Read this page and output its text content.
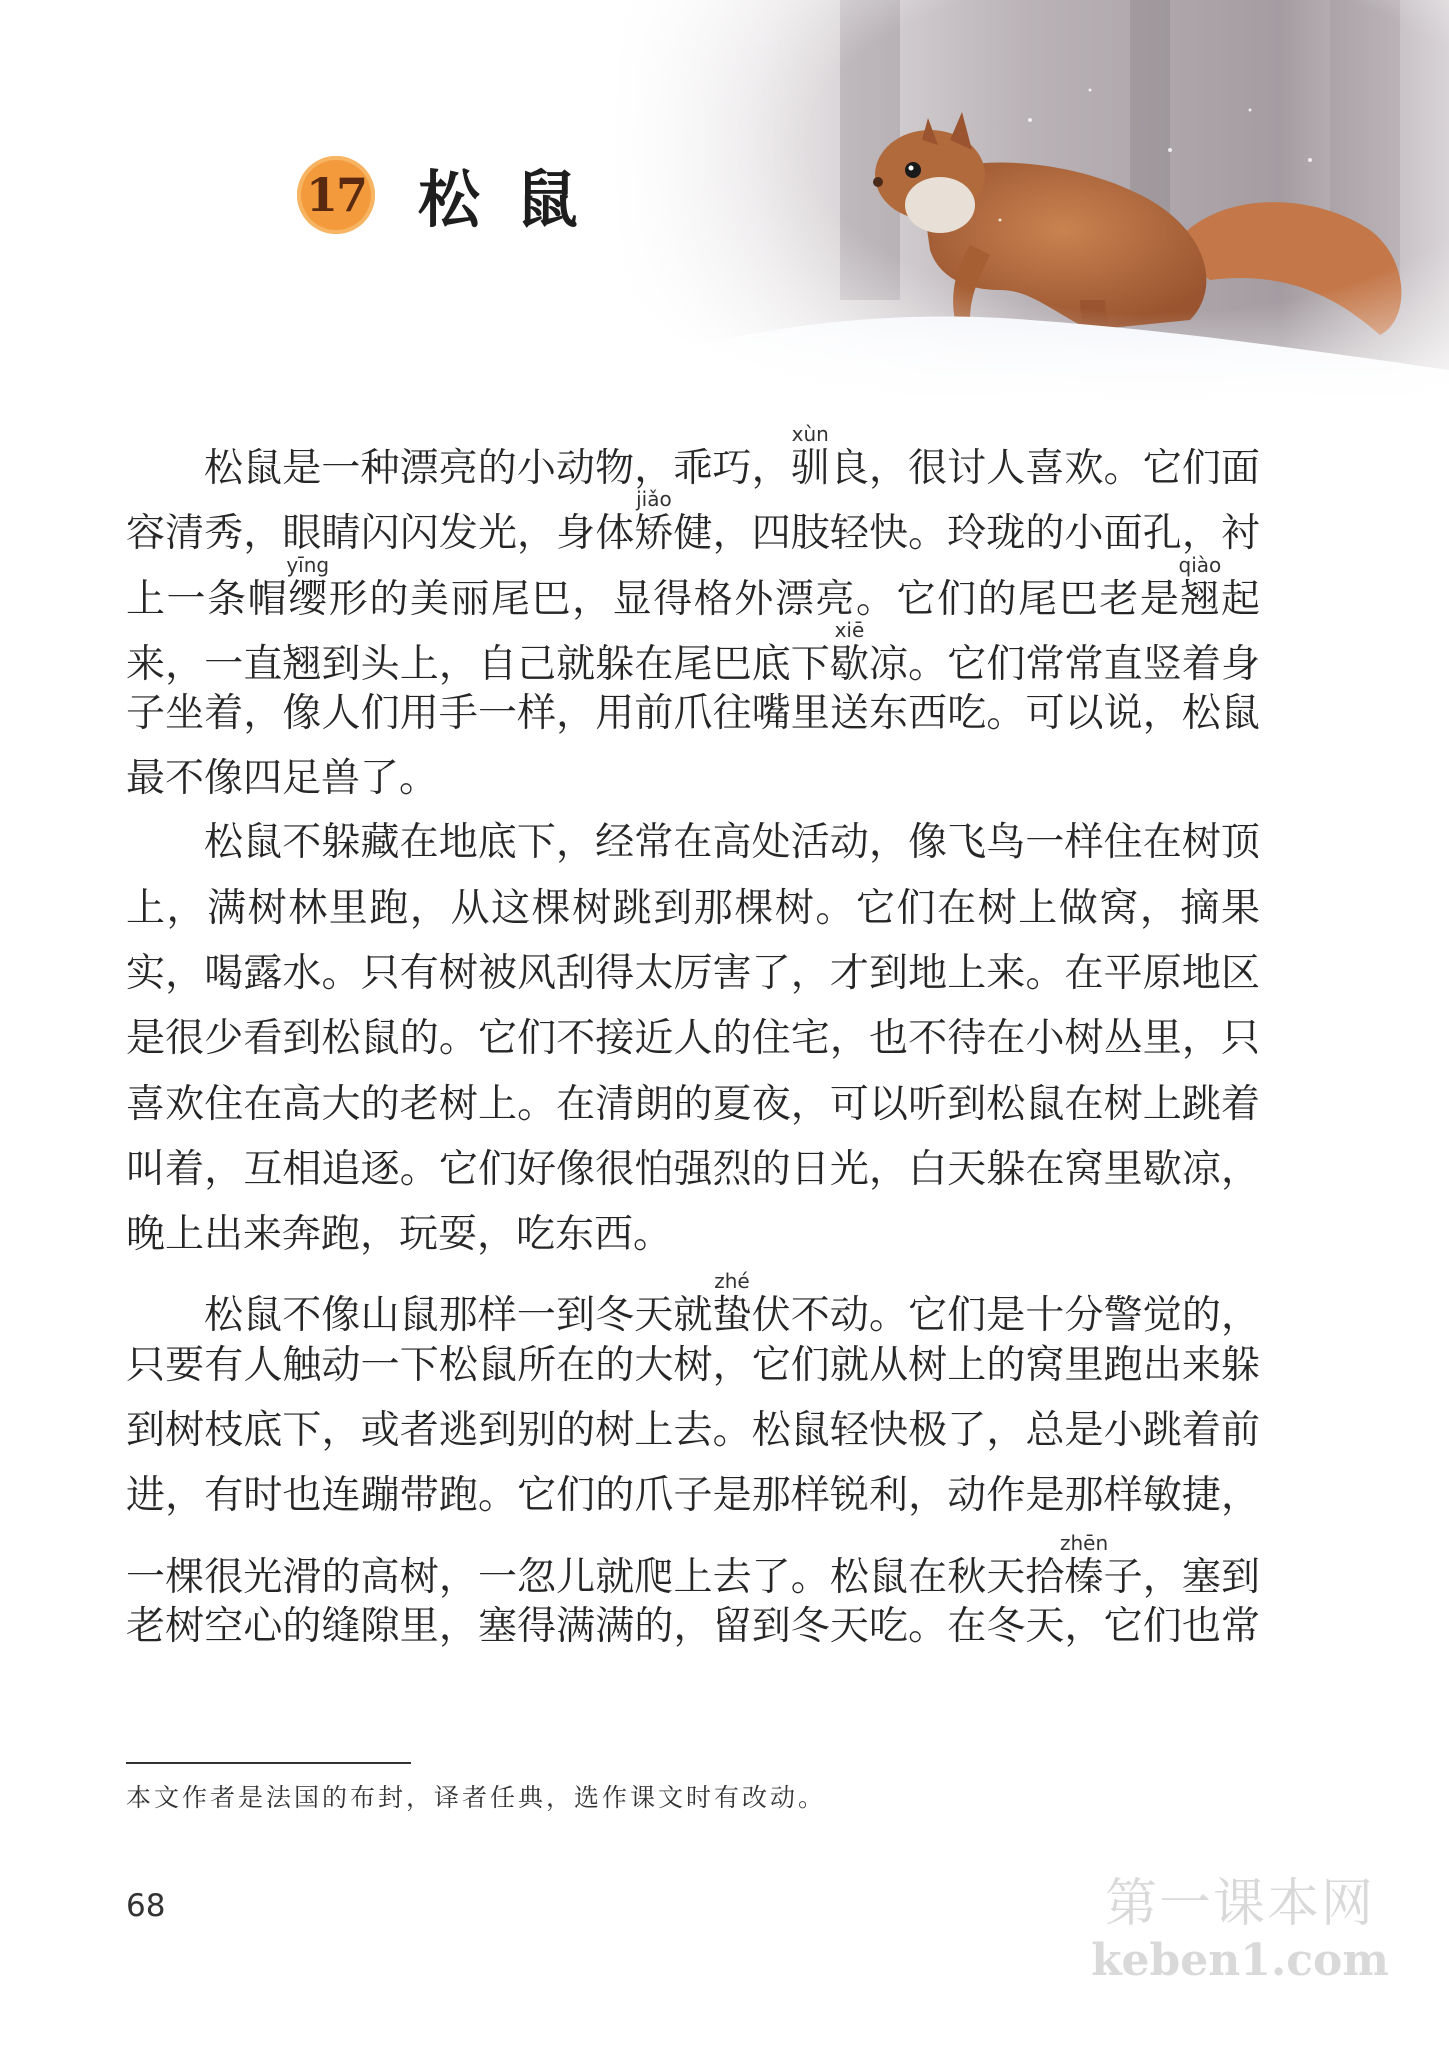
17 松鼠
松鼠是一种漂亮的小动物，乖巧，驯xùn良，很讨人喜欢。它们面
容清秀，眼睛闪闪发光，身体矫jiǎo健，四肢轻快。玲珑的小面孔，衬
上一条帽缨yīng形的美丽尾巴，显得格外漂亮。它们的尾巴老是翘qiào起
来，一直翘到头上，自己就躲在尾巴底下歇xiē凉。它们常常直竖着身
子坐着，像人们用手一样，用前爪往嘴里送东西吃。可以说，松鼠
最不像四足兽了。
松鼠不躲藏在地底下，经常在高处活动，像飞鸟一样住在树顶
上，满树林里跑，从这棵树跳到那棵树。它们在树上做窝，摘果
实，喝露水。只有树被风刮得太厉害了，才到地上来。在平原地区
是很少看到松鼠的。它们不接近人的住宅，也不待在小树丛里，只
喜欢住在高大的老树上。在清朗的夏夜，可以听到松鼠在树上跳着
叫着，互相追逐。它们好像很怕强烈的日光，白天躲在窝里歇凉，
晚上出来奔跑，玩耍，吃东西。
松鼠不像山鼠那样一到冬天就蛰zhé伏不动。它们是十分警觉的，
只要有人触动一下松鼠所在的大树，它们就从树上的窝里跑出来躲
到树枝底下，或者逃到别的树上去。松鼠轻快极了，总是小跳着前
进，有时也连蹦带跑。它们的爪子是那样锐利，动作是那样敏捷，
一棵很光滑的高树，一忽儿就爬上去了。松鼠在秋天拾榛zhēn子，塞到
老树空心的缝隙里，塞得满满的，留到冬天吃。在冬天，它们也常
本文作者是法国的布封，译者任典，选作课文时有改动。
68	第一课本网
keben1.com
